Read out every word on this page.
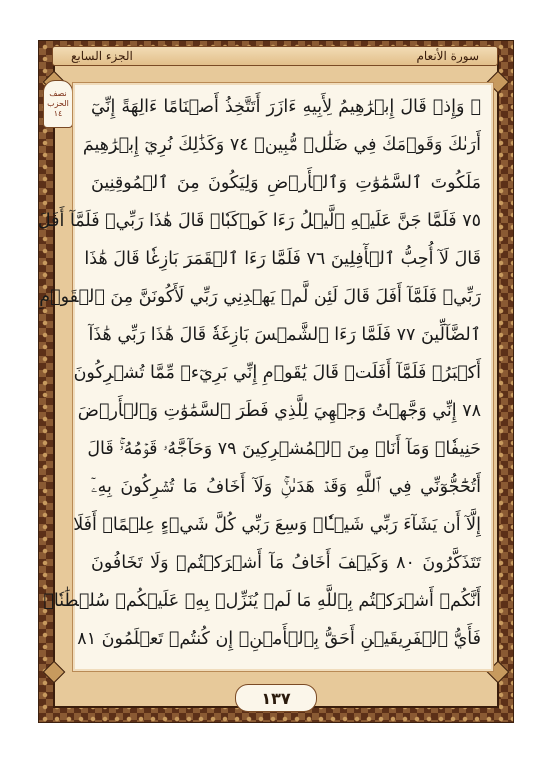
الجزء السابع	سورة الأنعام
نصف
الحزب
١٤ ۞ وَإِذۡ قَالَ إِبۡرَٰهِيمُ لِأَبِيهِ ءَازَرَ أَتَتَّخِذُ أَصۡنَامًا ءَالِهَةً إِنِّيٓ
أَرَىٰكَ وَقَوۡمَكَ فِي ضَلَٰلٖ مُّبِينٖ ٧٤ وَكَذَٰلِكَ نُرِيٓ إِبۡرَٰهِيمَ
مَلَكُوتَ ٱلسَّمَٰوَٰتِ وَٱلۡأَرۡضِ وَلِيَكُونَ مِنَ ٱلۡمُوقِنِينَ
٧٥ فَلَمَّا جَنَّ عَلَيۡهِ ٱلَّيۡلُ رَءَا كَوۡكَبٗاۖ قَالَ هَٰذَا رَبِّيۖ فَلَمَّآ أَفَلَ
قَالَ لَآ أُحِبُّ ٱلۡأٓفِلِينَ ٧٦ فَلَمَّا رَءَا ٱلۡقَمَرَ بَازِغٗا قَالَ هَٰذَا
رَبِّيۖ فَلَمَّآ أَفَلَ قَالَ لَئِن لَّمۡ يَهۡدِنِي رَبِّي لَأَكُونَنَّ مِنَ ٱلۡقَوۡمِ
ٱلضَّآلِّينَ ٧٧ فَلَمَّا رَءَا ٱلشَّمۡسَ بَازِغَةٗ قَالَ هَٰذَا رَبِّي هَٰذَآ
أَكۡبَرُۖ فَلَمَّآ أَفَلَتۡ قَالَ يَٰقَوۡمِ إِنِّي بَرِيٓءٞ مِّمَّا تُشۡرِكُونَ
٧٨ إِنِّي وَجَّهۡتُ وَجۡهِيَ لِلَّذِي فَطَرَ ٱلسَّمَٰوَٰتِ وَٱلۡأَرۡضَ
حَنِيفٗاۖ وَمَآ أَنَا۠ مِنَ ٱلۡمُشۡرِكِينَ ٧٩ وَحَآجَّهُۥ قَوۡمُهُۥۚ قَالَ
أَتُحَٰٓجُّوٓنِّي فِي ٱللَّهِ وَقَدۡ هَدَىٰنِۚ وَلَآ أَخَافُ مَا تُشۡرِكُونَ بِهِۦٓ
إِلَّآ أَن يَشَآءَ رَبِّي شَيۡـٔٗاۚ وَسِعَ رَبِّي كُلَّ شَيۡءٍ عِلۡمًاۚ أَفَلَا
تَتَذَكَّرُونَ ٨٠ وَكَيۡفَ أَخَافُ مَآ أَشۡرَكۡتُمۡ وَلَا تَخَافُونَ
أَنَّكُمۡ أَشۡرَكۡتُم بِٱللَّهِ مَا لَمۡ يُنَزِّلۡ بِهِۦ عَلَيۡكُمۡ سُلۡطَٰنٗاۚ
فَأَيُّ ٱلۡفَرِيقَيۡنِ أَحَقُّ بِٱلۡأَمۡنِۖ إِن كُنتُمۡ تَعۡلَمُونَ ٨١
١٣٧
